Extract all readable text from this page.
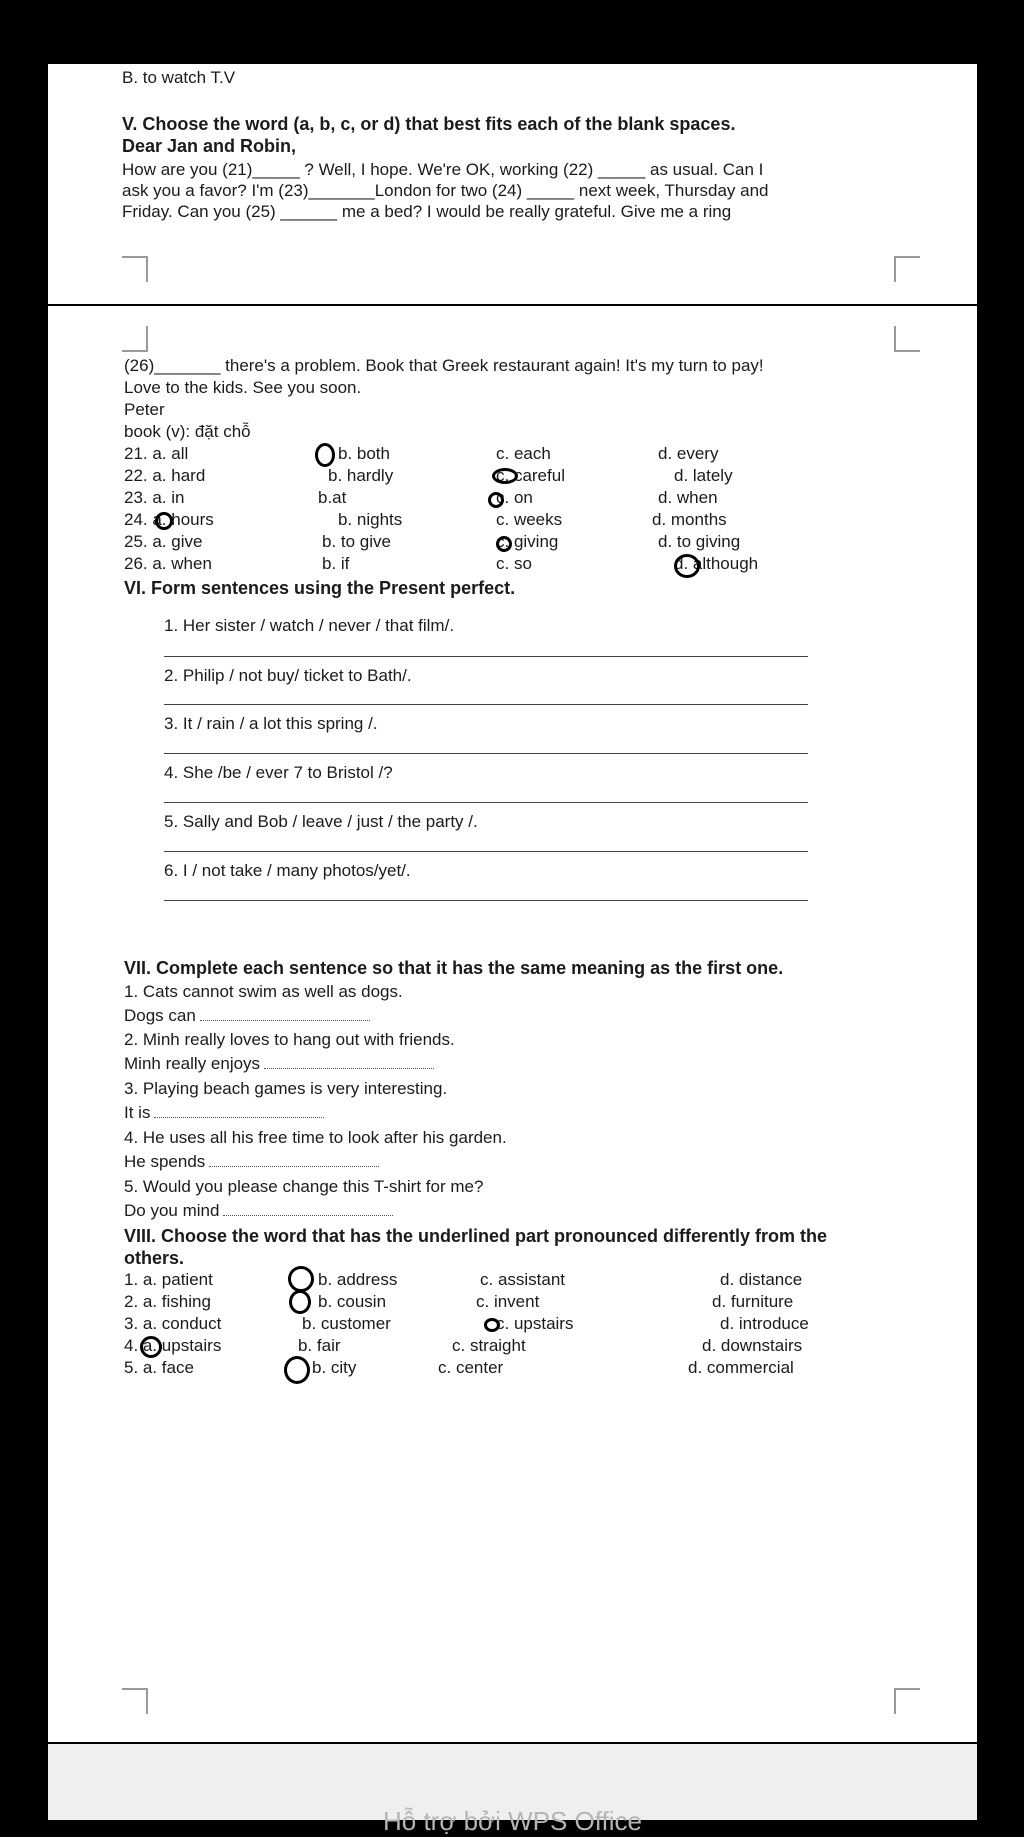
B. to watch T.V
V. Choose the word (a, b, c, or d) that best fits each of the blank spaces.
Dear Jan and Robin,
How are you (21)_____ ? Well, I hope. We're OK, working (22) _____ as usual. Can I
ask you a favor? I'm (23)_______London for two (24) _____ next week, Thursday and
Friday. Can you (25) ______ me a bed? I would be really grateful. Give me a ring
(26)_______ there's a problem. Book that Greek restaurant again! It's my turn to pay!
Love to the kids. See you soon.
Peter
book (v): đặt chỗ
21. a. all	b. both	c. each	d. every
22. a. hard	b. hardly	c. careful	d. lately
23. a. in	b.at	c. on	d. when
24. a. hours	b. nights	c. weeks	d. months
25. a. give	b. to give	c. giving	d. to giving
26. a. when	b. if	c. so	d. although
VI. Form sentences using the Present perfect.
1. Her sister / watch / never / that film/.
2. Philip / not buy/ ticket to Bath/.
3. It / rain / a lot this spring /.
4. She /be / ever 7 to Bristol /?
5. Sally and Bob / leave / just / the party /.
6. I / not take / many photos/yet/.
VII. Complete each sentence so that it has the same meaning as the first one.
1. Cats cannot swim as well as dogs.
Dogs can
2. Minh really loves to hang out with friends.
Minh really enjoys
3. Playing beach games is very interesting.
It is
4. He uses all his free time to look after his garden.
He spends
5. Would you please change this T-shirt for me?
Do you mind
VIII. Choose the word that has the underlined part pronounced differently from the
others.
1. a. patient	b. address	c. assistant	d. distance
2. a. fishing	b. cousin	c. invent	d. furniture
3. a. conduct	b. customer	c. upstairs	d. introduce
4. a. upstairs	b. fair	c. straight	d. downstairs
5. a. face	b. city	c. center	d. commercial
Hỗ trợ bởi WPS Office
